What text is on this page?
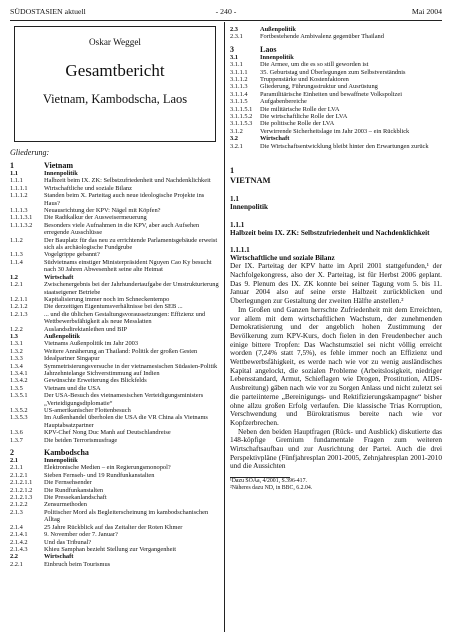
SÜDOSTASIEN aktuell	- 240 -	Mai 2004
Oskar Weggel
Gesamtbericht
Vietnam, Kambodscha, Laos
Gliederung:
1	Vietnam
1.1	Innenpolitik
1.1.1	Halbzeit beim IX. ZK: Selbstzufriedenheit und Nachdenklichkeit
1.1.1.1	Wirtschaftliche und soziale Bilanz
1.1.1.2	Standen beim X. Parteitag auch neue ideologische Projekte ins Haus?
1.1.1.3	Neuausrichtung der KPV: Nägel mit Köpfen?
1.1.1.3.1	Die Radikalkur der Ausweisermeuerung
1.1.1.3.2	Besonders viele Aufnahmen in die KPV, aber auch Aufsehen erregende Ausschlüsse
1.1.2	Der Bauplatz für das neu zu errichtende Parlamentsgebäude erweist sich als archäologische Fundgrube
1.1.3	Vogelgrippe gebannt?
1.1.4	Südvietnams einstiger Ministerpräsident Nguyen Cao Ky besucht nach 30 Jahren Abwesenheit seine alte Heimat
1.2	Wirtschaft
1.2.1	Zwischenergebnis bei der Jahrhundertaufgabe der Umstrukturierung staatseigener Betriebe
1.2.1.1	Kapitalisierung immer noch im Schneckentempo
1.2.1.2	Die derzeitigen Eigentumsverhältnisse bei den SEB ...
1.2.1.3	... und die üblichen Gestaltungsvoraussetzungen: Effizienz und Wettbewerbsfähigkeit als neue Messlatten
1.2.2	Auslandsdirektanleihen und BIP
1.3	Außenpolitik
1.3.1	Vietnams Außenpolitik im Jahr 2003
1.3.2	Weitere Annäherung an Thailand: Politik der großen Gesten
1.3.3	Idealpartner Singapur
1.3.4	Symmetrisierungsversuche in der vietnamesischen Südasien-Politik
1.3.4.1	Jahrzehntelange Sichverstimmung auf Indien
1.3.4.2	Gewünschte Erweiterung des Blickfelds
1.3.5	Vietnam und die USA
1.3.5.1	Der USA-Besuch des vietnamesischen Verteidigungsministers „Verteidigungsdiplomatie“
1.3.5.2	US-amerikanischer Flottenbesuch
1.3.5.3	Im Außenhandel überholen die USA die VR China als Vietnams Hauptabsatzpartner
1.3.6	KPV-Chef Nong Duc Manh auf Deutschlandreise
1.3.7	Die beiden Terrorismusfrage
2	Kambodscha
2.1	Innenpolitik
2.1.1	Elektronische Medien – ein Regierungsmonopol?
2.1.2.1	Sieben Fernseh- und 19 Rundfunkanstalten
2.1.2.1.1	Die Fernsehsender
2.1.2.1.2	Die Rundfunkanstalten
2.1.2.1.3	Die Pressekanlandschaft
2.1.2.2	Zensurmethoden
2.1.3	Politischer Mord als Begleiterscheinung im kambodschanischen Alltag
2.1.4	25 Jahre Rückblick auf das Zeitalter der Roten Khmer
2.1.4.1	9. November oder 7. Januar?
2.1.4.2	Und das Tribunal?
2.1.4.3	Khieu Samphan bezieht Stellung zur Vergangenheit
2.2	Wirtschaft
2.2.1	Einbruch beim Tourismus
2.3	Außenpolitik
2.3.1	Fortbestehende Ambivalenz gegenüber Thailand
3	Laos
3.1	Innenpolitik
3.1.1	Die Armee, um die es so still geworden ist
3.1.1.1	35. Geburtstag und Überlegungen zum Selbstverständnis
3.1.1.2	Truppenstärke und Kostenfaktoren
3.1.1.3	Gliederung, Führungsstruktur und Ausrüstung
3.1.1.4	Paramilitärische Einheiten und bewaffnete Volkspolizei
3.1.1.5	Aufgabenbereiche
3.1.1.5.1	Die militärische Rolle der LVA
3.1.1.5.2	Die wirtschaftliche Rolle der LVA
3.1.1.5.3	Die politische Rolle der LVA
3.1.2	Verwirrende Sicherheitslage im Jahr 2003 – ein Rückblick
3.2	Wirtschaft
3.2.1	Die Wirtschaftsentwicklung bleibt hinter den Erwartungen zurück
1
VIETNAM
1.1
Innenpolitik
1.1.1
Halbzeit beim IX. ZK: Selbstzufriedenheit und Nachdenklichkeit
1.1.1.1
Wirtschaftliche und soziale Bilanz
Der IX. Parteitag der KPV hatte im April 2001 stattgefunden,¹ der Nachfolgekongress, also der X. Parteitag, ist für Herbst 2006 geplant. Das 9. Plenum des IX. ZK konnte bei seiner Tagung vom 5. bis 11. Januar 2004 also auf seine erste Halbzeit zurückblicken und Überlegungen zur Gestaltung der zweiten Hälfte anstellen.²
Im Großen und Ganzen herrschte Zufriedenheit mit dem Erreichten, vor allem mit dem wirtschaftlichen Wachstum, der zunehmenden Demokratisierung und der angeblich hohen Zustimmung der Bevölkerung zum KPV-Kurs, doch fielen in den Freudenbecher auch einige bittere Tropfen: Das Wachstumsziel sei nicht völlig erreicht worden (7,24% statt 7,5%), es fehle immer noch an Effizienz und Wettbewerbsfähigkeit, es werde nach wie vor zu wenig ausländisches Kapital angelockt, die sozialen Probleme (Arbeitslosigkeit, niedriger Lebensstandard, Armut, Schieflagen wie Drogen, Prostitution, AIDS-Ausbreitung) gäben nach wie vor zu Sorgen Anlass und nicht zuletzt sei die parteiinterne „Bereinigungs- und Rektifizierungskampagne“ bisher ohne allzu großen Erfolg verlaufen. Die klassische Trias Korruption, Verschwendung und Bürokratismus bereite nach wie vor Kopfzerbrechen.
Neben den beiden Hauptfragen (Rück- und Ausblick) diskutierte das 148-köpfige Gremium fundamentale Fragen zum weiteren Wirtschaftsaufbau und zur Ausrichtung der Partei. Auch die drei Perspektivpläne (Fünfjahresplan 2001-2005, Zehnjahresplan 2001-2010 und die Aussichten
¹Dazu SOAa, 4/2001, S.396-417.
²Näheres dazu ND, in BBC, 6.2.04.
